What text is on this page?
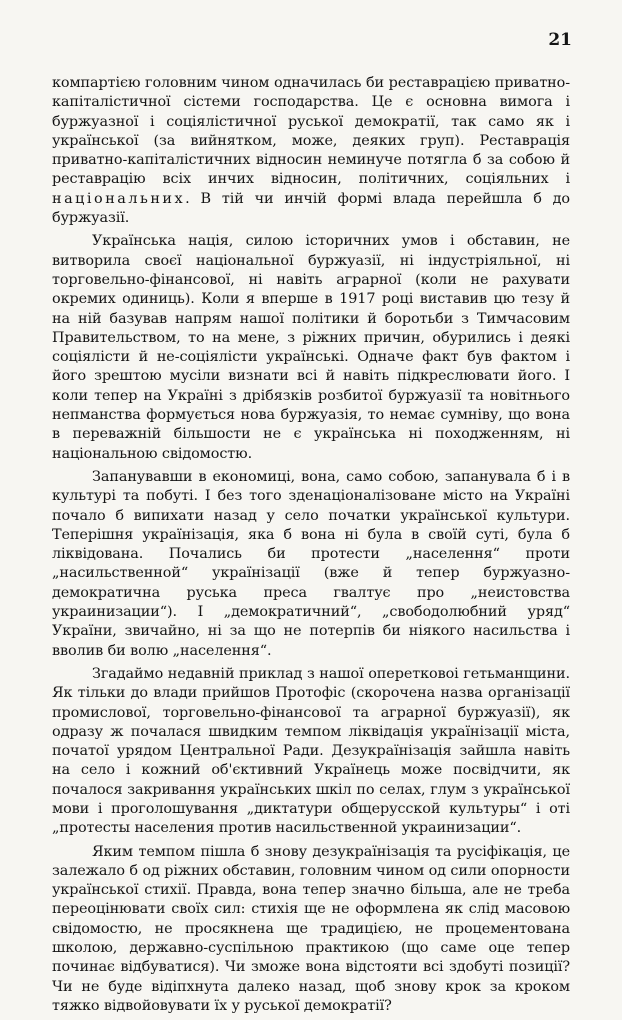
21

компартією головним чином одначилась би реставрацією приватно-капіталістичної сістеми господарства. Це є основна вимога і буржуазної і соціялістичної руської демократії, так само як і української (за вийнятком, може, деяких груп). Реставрація приватно-капіталістичних відносин неминуче потягла б за собою й реставрацію всіх инчих відносин, політичних, соціяльних і національних. В тій чи инчій формі влада перейшла б до буржуазії.

Українська нація, силою історичних умов і обставин, не витворила своєї національної буржуазії, ні індустріяльної, ні торговельно-фінансової, ні навіть аграрної (коли не рахувати окремих одиниць). Коли я вперше в 1917 році виставив цю тезу й на ній базував напрям нашої політики й боротьби з Тимчасовим Правительством, то на мене, з ріжних причин, обурились і деякі соціялісти й не-соціялісти українські. Одначе факт був фактом і його зрештою мусіли визнати всі й навіть підкреслювати його. І коли тепер на Україні з дрібязків розбитої буржуазії та новітнього непманства формується нова буржуазія, то немає сумніву, що вона в переважній більшости не є українська ні походженням, ні національною свідомостю.

Запанувавши в економиці, вона, само собою, запанувала б і в культурі та побуті. І без того зденаціоналізоване місто на Україні почало б випихати назад у село початки української культури. Теперішня українізація, яка б вона ні була в своїй суті, була б ліквідована. Почались би протести „населення“ проти „насильственной“ українізації (вже й тепер буржуазно-демократична руська преса гвалтує про „неистовства украинизации“). І „демократичний“, „свободолюбний уряд“ України, звичайно, ні за що не потерпів би ніякого насильства і вволив би волю „населення“.

Згадаймо недавній приклад з нашої оперетковоі гетьманщини. Як тільки до влади прийшов Протофіс (скорочена назва організації промислової, торговельно-фінансової та аграрної буржуазії), як одразу ж почалася швидким темпом ліквідація українізації міста, початої урядом Центральної Ради. Дезукраїнізація зайшла навіть на село і кожний об'єктивний Українець може посвідчити, як почалося закривання українських шкіл по селах, глум з української мови і проголошування „диктатури общерусской культуры“ і оті „протесты населения против насильственной украинизации“.

Яким темпом пішла б знову дезукраїнізація та русіфікація, це залежало б од ріжних обставин, головним чином од сили опорности української стихії. Правда, вона тепер значно більша, але не треба переоцінювати своїх сил: стихія ще не оформлена як слід масовою свідомостю, не просякнена ще традицією, не процементована школою, державно-суспільною практикою (що саме оце тепер починає відбуватися). Чи зможе вона відстояти всі здобуті позиції? Чи не буде відіпхнута далеко назад, щоб знову крок за кроком тяжко відвойовувати їх у руської демократії?
